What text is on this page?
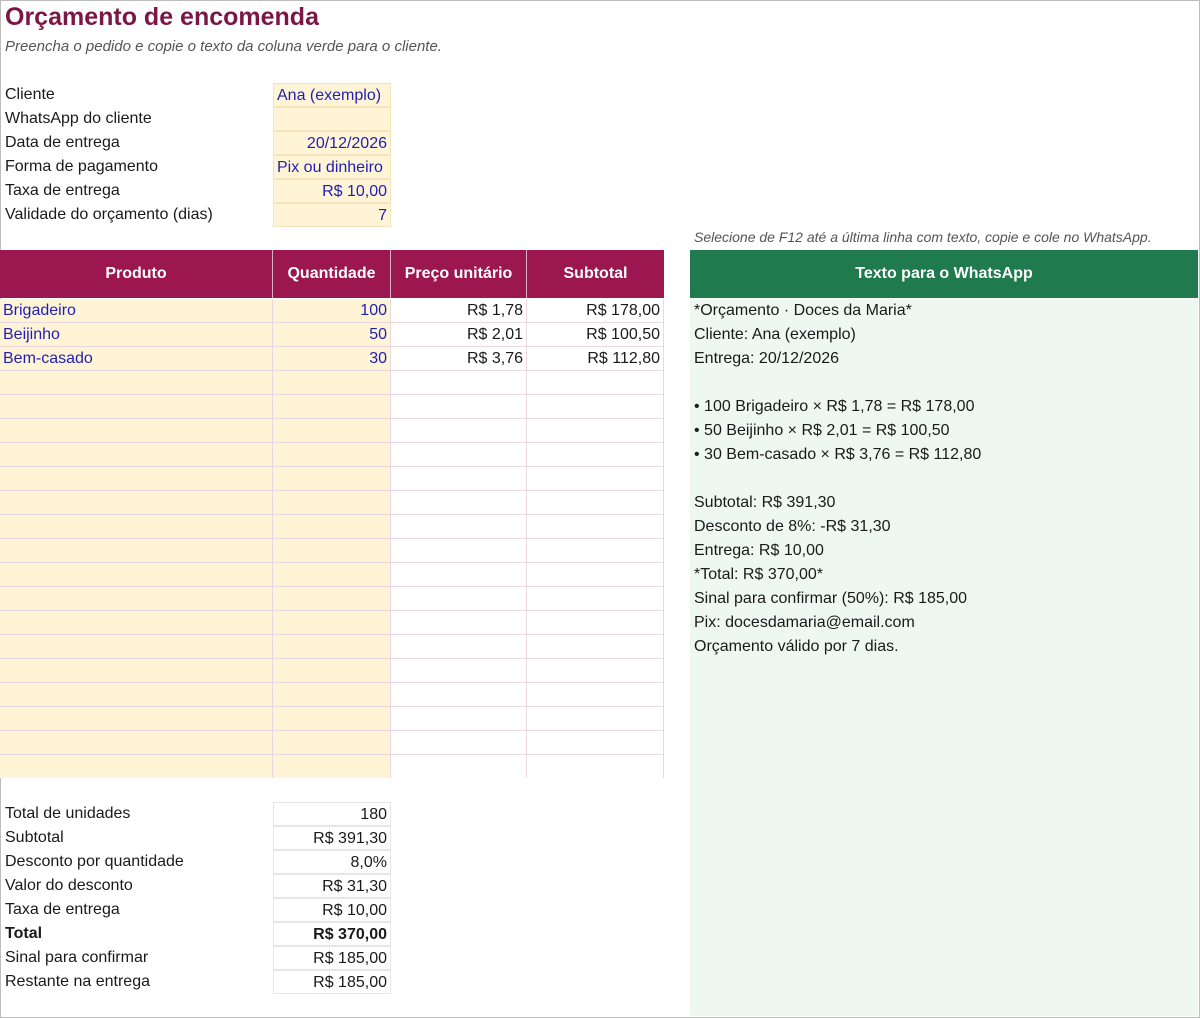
Orçamento de encomenda
Preencha o pedido e copie o texto da coluna verde para o cliente.
Cliente	Ana (exemplo)
WhatsApp do cliente
Data de entrega	20/12/2026
Forma de pagamento	Pix ou dinheiro
Taxa de entrega	R$ 10,00
Validade do orçamento (dias)	7
Selecione de F12 até a última linha com texto, copie e cole no WhatsApp.
Produto	Quantidade	Preço unitário	Subtotal	Texto para o WhatsApp
Brigadeiro	100	R$ 1,78	R$ 178,00
Beijinho	50	R$ 2,01	R$ 100,50
Bem-casado	30	R$ 3,76	R$ 112,80
*Orçamento · Doces da Maria*
Cliente: Ana (exemplo)
Entrega: 20/12/2026
• 100 Brigadeiro × R$ 1,78 = R$ 178,00
• 50 Beijinho × R$ 2,01 = R$ 100,50
• 30 Bem-casado × R$ 3,76 = R$ 112,80
Subtotal: R$ 391,30
Desconto de 8%: -R$ 31,30
Entrega: R$ 10,00
*Total: R$ 370,00*
Sinal para confirmar (50%): R$ 185,00
Pix: docesdamaria@email.com
Orçamento válido por 7 dias.
Total de unidades	180
Subtotal	R$ 391,30
Desconto por quantidade	8,0%
Valor do desconto	R$ 31,30
Taxa de entrega	R$ 10,00
Total	R$ 370,00
Sinal para confirmar	R$ 185,00
Restante na entrega	R$ 185,00
